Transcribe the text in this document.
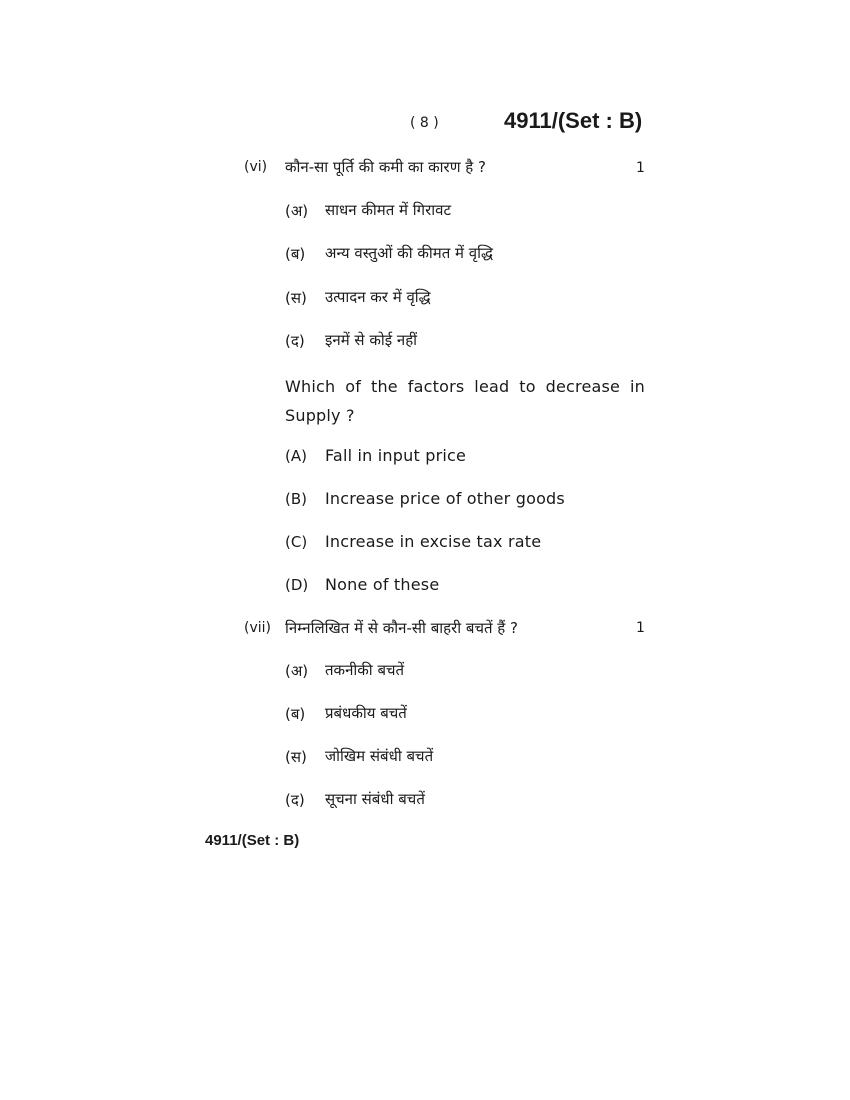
( 8 )	4911/(Set : B)
(vi) कौन-सा पूर्ति की कमी का कारण है ?	1
(अ) साधन कीमत में गिरावट
(ब) अन्य वस्तुओं की कीमत में वृद्धि
(स) उत्पादन कर में वृद्धि
(द) इनमें से कोई नहीं
Which of the factors lead to decrease in Supply ?
(A) Fall in input price
(B) Increase price of other goods
(C) Increase in excise tax rate
(D) None of these
(vii) निम्नलिखित में से कौन-सी बाहरी बचतें हैं ?	1
(अ) तकनीकी बचतें
(ब) प्रबंधकीय बचतें
(स) जोखिम संबंधी बचतें
(द) सूचना संबंधी बचतें
4911/(Set : B)
